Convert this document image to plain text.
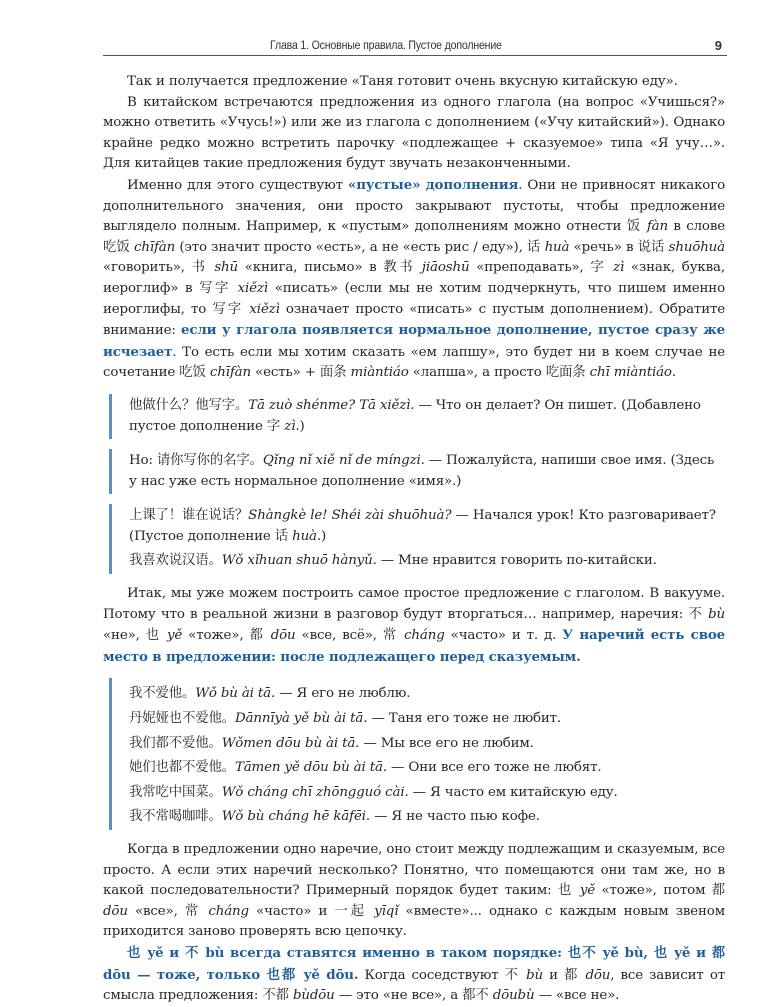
Глава 1. Основные правила. Пустое дополнение	9

Так и получается предложение «Таня готовит очень вкусную китайскую еду».

В китайском встречаются предложения из одного глагола (на вопрос «Учишься?» можно ответить «Учусь!») или же из глагола с дополнением («Учу китайский»). Однако крайне редко можно встретить парочку «подлежащее + сказуемое» типа «Я учу…». Для китайцев такие предложения будут звучать незаконченными.

Именно для этого существуют «пустые» дополнения. Они не привносят никакого дополнительного значения, они просто закрывают пустоты, чтобы предложение выглядело полным. Например, к «пустым» дополнениям можно отнести 饭 fàn в слове 吃饭 chīfàn (это значит просто «есть», а не «есть рис / еду»), 话 huà «речь» в 说话 shuōhuà «говорить», 书 shū «книга, письмо» в 教书 jiāoshū «преподавать», 字 zì «знак, буква, иероглиф» в 写字 xiězì «писать» (если мы не хотим подчеркнуть, что пишем именно иероглифы, то 写字 xiězì означает просто «писать» с пустым дополнением). Обратите внимание: если у глагола появляется нормальное дополнение, пустое сразу же исчезает. То есть если мы хотим сказать «ем лапшу», это будет ни в коем случае не сочетание 吃饭 chīfàn «есть» + 面条 miàntiáo «лапша», а просто 吃面条 chī miàntiáo.

他做什么？他写字。Tā zuò shénme? Tā xiězì. — Что он делает? Он пишет. (Добавлено пустое дополнение 字 zì.)

Но: 请你写你的名字。Qǐng nǐ xiě nǐ de míngzi. — Пожалуйста, напиши свое имя. (Здесь у нас уже есть нормальное дополнение «имя».)

上课了！谁在说话？Shàngkè le! Shéi zài shuōhuà? — Начался урок! Кто разговаривает? (Пустое дополнение 话 huà.)

我喜欢说汉语。Wǒ xǐhuan shuō hànyǔ. — Мне нравится говорить по-китайски.

Итак, мы уже можем построить самое простое предложение с глаголом. В вакууме. Потому что в реальной жизни в разговор будут вторгаться… например, наречия: 不 bù «не», 也 yě «тоже», 都 dōu «все, всё», 常 cháng «часто» и т. д. У наречий есть свое место в предложении: после подлежащего перед сказуемым.

我不爱他。Wǒ bù ài tā. — Я его не люблю.

丹妮娅也不爱他。Dānnīyà yě bù ài tā. — Таня его тоже не любит.

我们都不爱他。Wǒmen dōu bù ài tā. — Мы все его не любим.

她们也都不爱他。Tāmen yě dōu bù ài tā. — Они все его тоже не любят.

我常吃中国菜。Wǒ cháng chī zhōngguó cài. — Я часто ем китайскую еду.

我不常喝咖啡。Wǒ bù cháng hē kāfēi. — Я не часто пью кофе.

Когда в предложении одно наречие, оно стоит между подлежащим и сказуемым, все просто. А если этих наречий несколько? Понятно, что помещаются они там же, но в какой последовательности? Примерный порядок будет таким: 也 yě «тоже», потом 都 dōu «все», 常 cháng «часто» и 一起 yīqǐ «вместе»... однако с каждым новым звеном приходится заново проверять всю цепочку.

也 yě и 不 bù всегда ставятся именно в таком порядке: 也不 yě bù, 也 yě и 都 dōu — тоже, только 也都 yě dōu. Когда соседствуют 不 bù и 都 dōu, все зависит от смысла предложения: 不都 bùdōu — это «не все», а 都不 dōubù — «все не».
